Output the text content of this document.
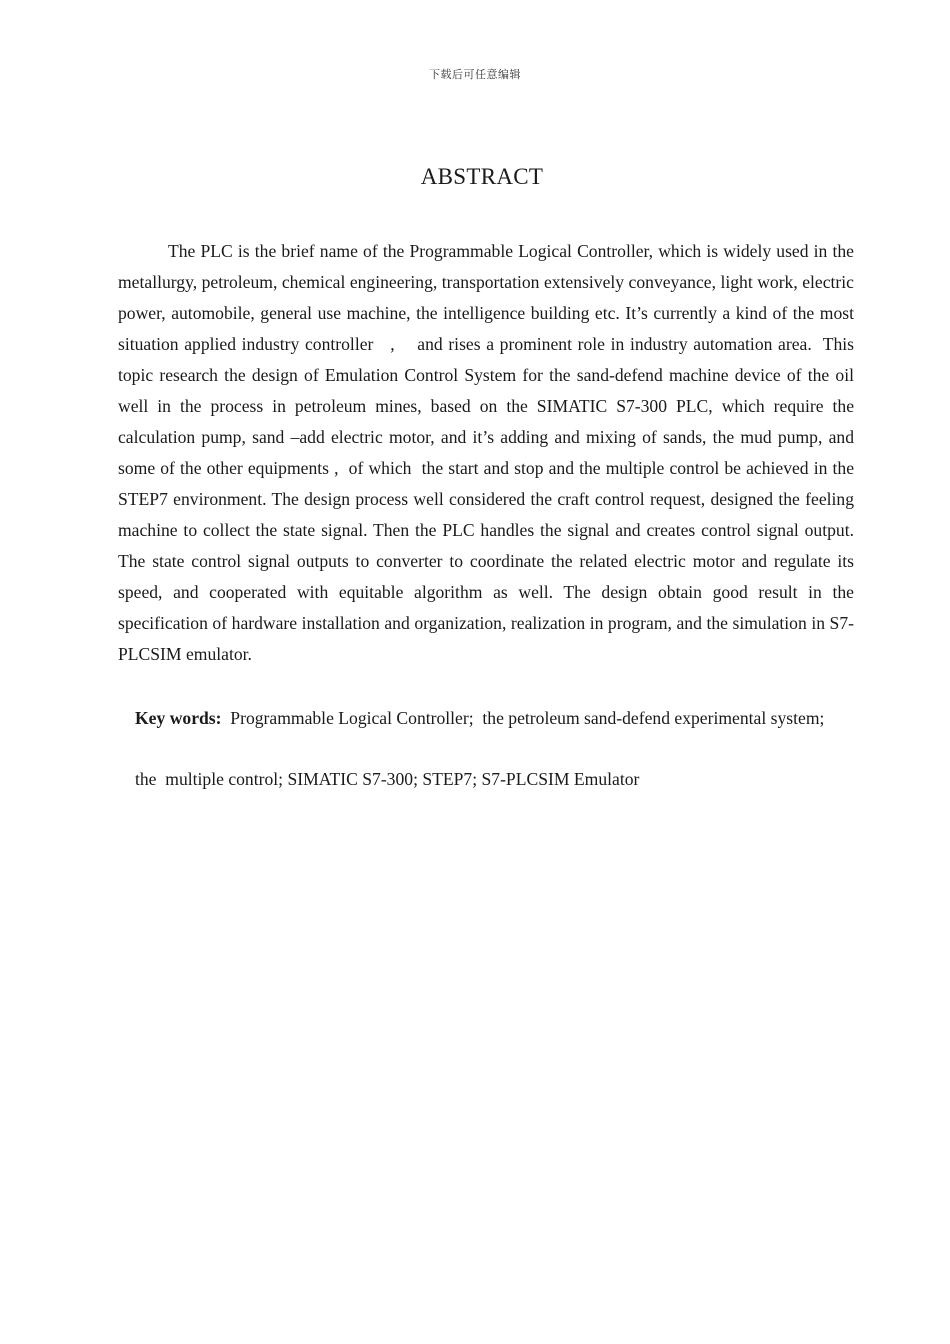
下载后可任意编辑
ABSTRACT

The PLC is the brief name of the Programmable Logical Controller, which is widely used in the metallurgy, petroleum, chemical engineering, transportation extensively conveyance, light work, electric power, automobile, general use machine, the intelligence building etc. It’s currently a kind of the most situation applied industry controller   ,    and rises a prominent role in industry automation area.  This topic research the design of Emulation Control System for the sand-defend machine device of the oil well in the process in petroleum mines, based on the SIMATIC S7-300 PLC, which require the calculation pump, sand –add electric motor, and it’s adding and mixing of sands, the mud pump, and some of the other equipments ,  of which  the start and stop and the multiple control be achieved in the STEP7 environment. The design process well considered the craft control request, designed the feeling machine to collect the state signal. Then the PLC handles the signal and creates control signal output. The state control signal outputs to converter to coordinate the related electric motor and regulate its speed, and cooperated with equitable algorithm as well. The design obtain good result in the specification of hardware installation and organization, realization in program, and the simulation in S7-PLCSIM emulator.

Key words:  Programmable Logical Controller;  the petroleum sand-defend experimental system;
the  multiple control; SIMATIC S7-300; STEP7; S7-PLCSIM Emulator
